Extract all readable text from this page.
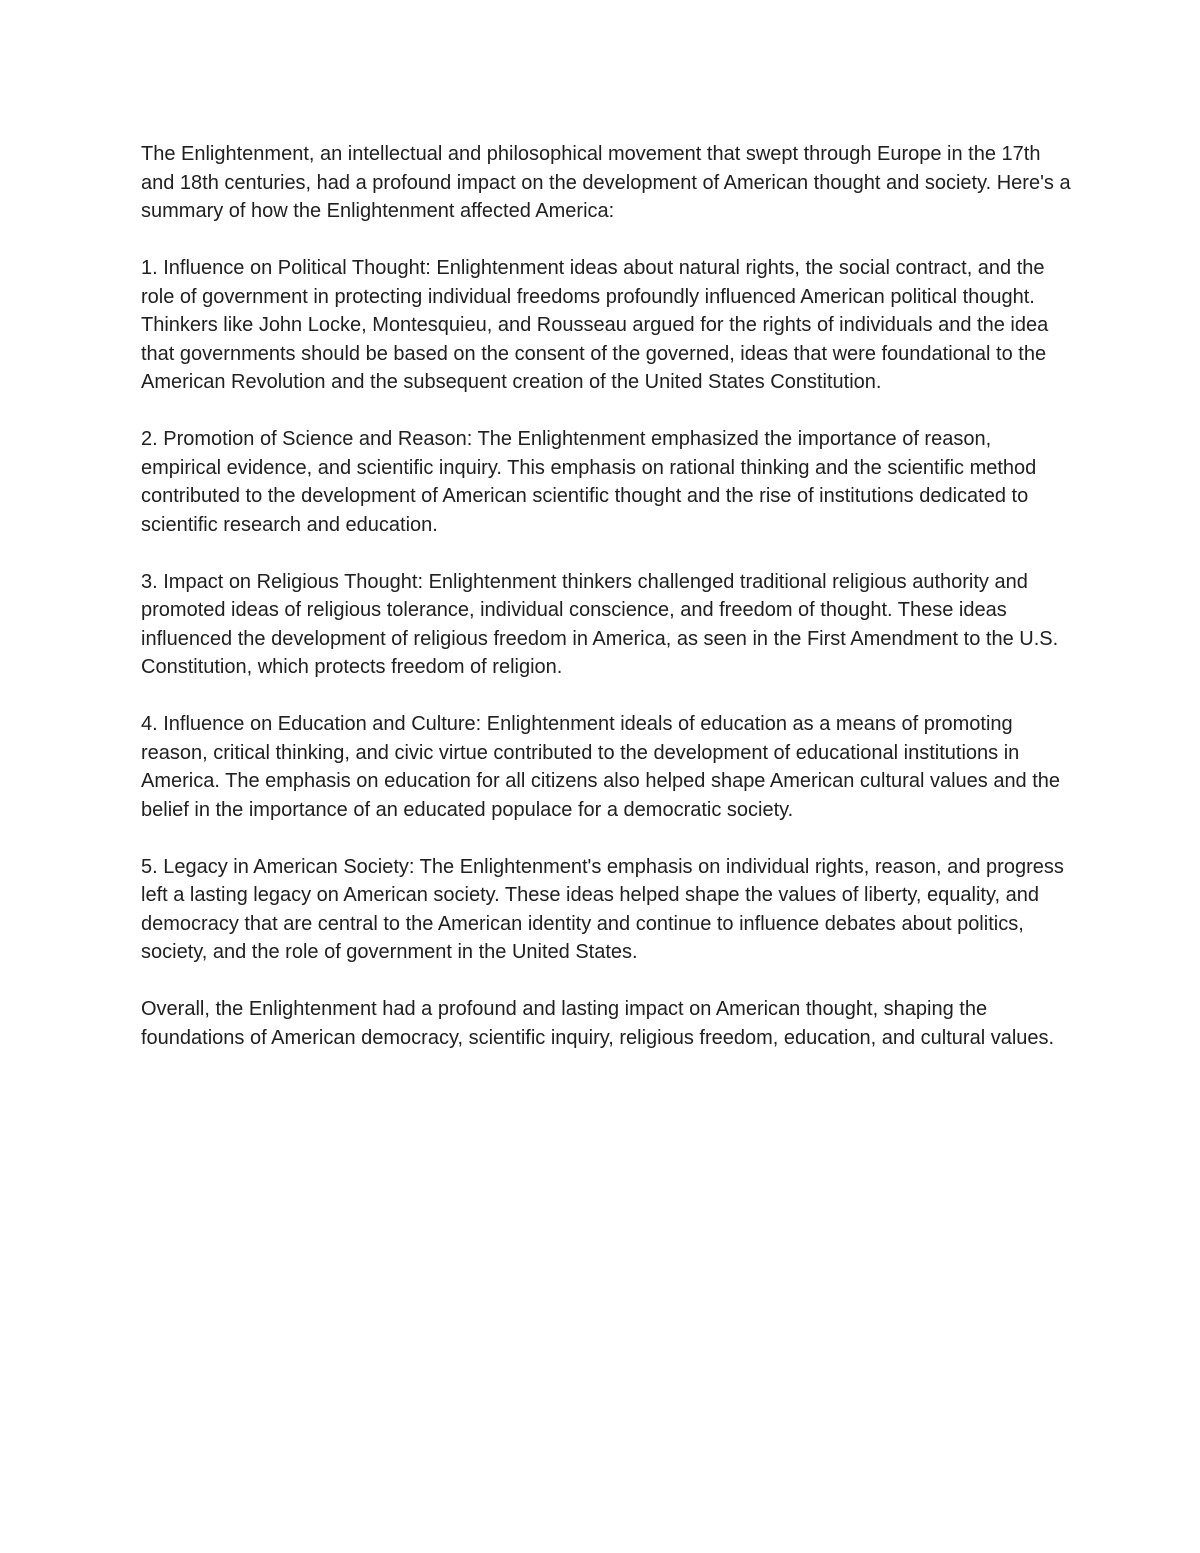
The Enlightenment, an intellectual and philosophical movement that swept through Europe in the 17th and 18th centuries, had a profound impact on the development of American thought and society. Here's a summary of how the Enlightenment affected America:

1. Influence on Political Thought: Enlightenment ideas about natural rights, the social contract, and the role of government in protecting individual freedoms profoundly influenced American political thought. Thinkers like John Locke, Montesquieu, and Rousseau argued for the rights of individuals and the idea that governments should be based on the consent of the governed, ideas that were foundational to the American Revolution and the subsequent creation of the United States Constitution.

2. Promotion of Science and Reason: The Enlightenment emphasized the importance of reason, empirical evidence, and scientific inquiry. This emphasis on rational thinking and the scientific method contributed to the development of American scientific thought and the rise of institutions dedicated to scientific research and education.

3. Impact on Religious Thought: Enlightenment thinkers challenged traditional religious authority and promoted ideas of religious tolerance, individual conscience, and freedom of thought. These ideas influenced the development of religious freedom in America, as seen in the First Amendment to the U.S. Constitution, which protects freedom of religion.

4. Influence on Education and Culture: Enlightenment ideals of education as a means of promoting reason, critical thinking, and civic virtue contributed to the development of educational institutions in America. The emphasis on education for all citizens also helped shape American cultural values and the belief in the importance of an educated populace for a democratic society.

5. Legacy in American Society: The Enlightenment's emphasis on individual rights, reason, and progress left a lasting legacy on American society. These ideas helped shape the values of liberty, equality, and democracy that are central to the American identity and continue to influence debates about politics, society, and the role of government in the United States.

Overall, the Enlightenment had a profound and lasting impact on American thought, shaping the foundations of American democracy, scientific inquiry, religious freedom, education, and cultural values.
